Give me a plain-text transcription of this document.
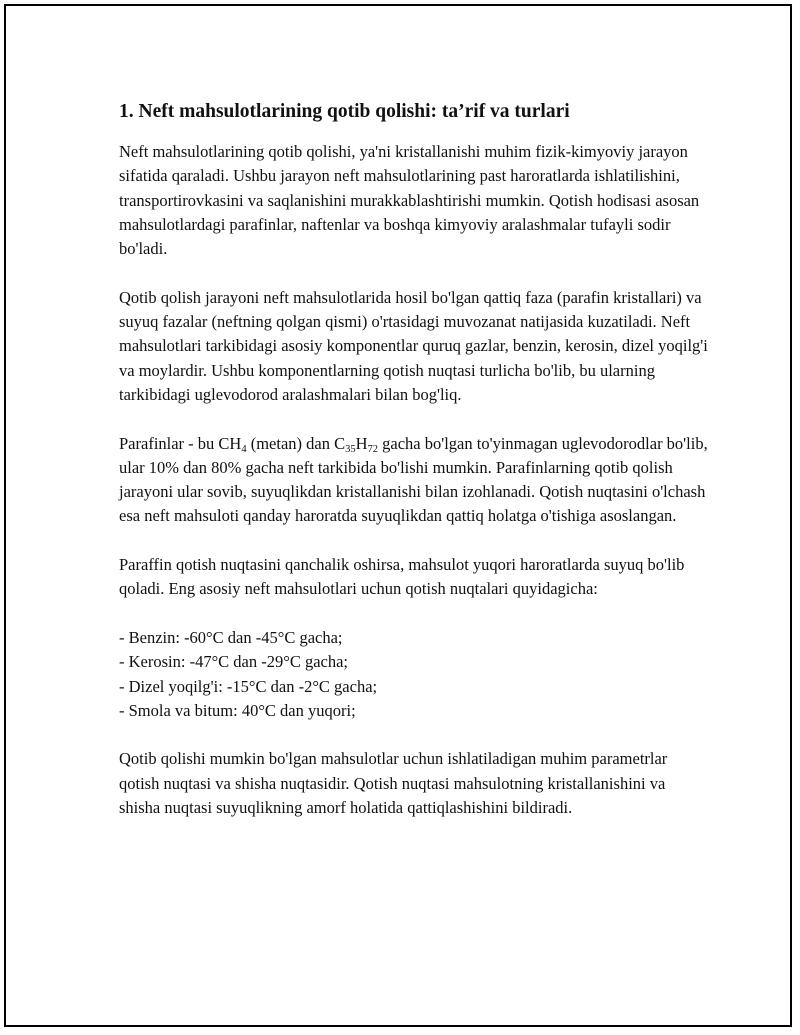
1. Neft mahsulotlarining qotib qolishi: ta’rif va turlari

Neft mahsulotlarining qotib qolishi, ya'ni kristallanishi muhim fizik-kimyoviy jarayon sifatida qaraladi. Ushbu jarayon neft mahsulotlarining past haroratlarda ishlatilishini, transportirovkasini va saqlanishini murakkablashtirishi mumkin. Qotish hodisasi asosan mahsulotlardagi parafinlar, naftenlar va boshqa kimyoviy aralashmalar tufayli sodir bo'ladi.

Qotib qolish jarayoni neft mahsulotlarida hosil bo'lgan qattiq faza (parafin kristallari) va suyuq fazalar (neftning qolgan qismi) o'rtasidagi muvozanat natijasida kuzatiladi. Neft mahsulotlari tarkibidagi asosiy komponentlar quruq gazlar, benzin, kerosin, dizel yoqilg'i va moylardir. Ushbu komponentlarning qotish nuqtasi turlicha bo'lib, bu ularning tarkibidagi uglevodorod aralashmalari bilan bog'liq.

Parafinlar - bu $CH_4$ (metan) dan $C_{35}H_{72}$ gacha bo'lgan to'yinmagan uglevodorodlar bo'lib, ular 10% dan 80% gacha neft tarkibida bo'lishi mumkin. Parafinlarning qotib qolish jarayoni ular sovib, suyuqlikdan kristallanishi bilan izohlanadi. Qotish nuqtasini o'lchash esa neft mahsuloti qanday haroratda suyuqlikdan qattiq holatga o'tishiga asoslangan.

Paraffin qotish nuqtasini qanchalik oshirsa, mahsulot yuqori haroratlarda suyuq bo'lib qoladi. Eng asosiy neft mahsulotlari uchun qotish nuqtalari quyidagicha:

- Benzin: -60°C dan -45°C gacha;
- Kerosin: -47°C dan -29°C gacha;
- Dizel yoqilg'i: -15°C dan -2°C gacha;
- Smola va bitum: 40°C dan yuqori;

Qotib qolishi mumkin bo'lgan mahsulotlar uchun ishlatiladigan muhim parametrlar qotish nuqtasi va shisha nuqtasidir. Qotish nuqtasi mahsulotning kristallanishini va shisha nuqtasi suyuqlikning amorf holatida qattiqlashishini bildiradi.
